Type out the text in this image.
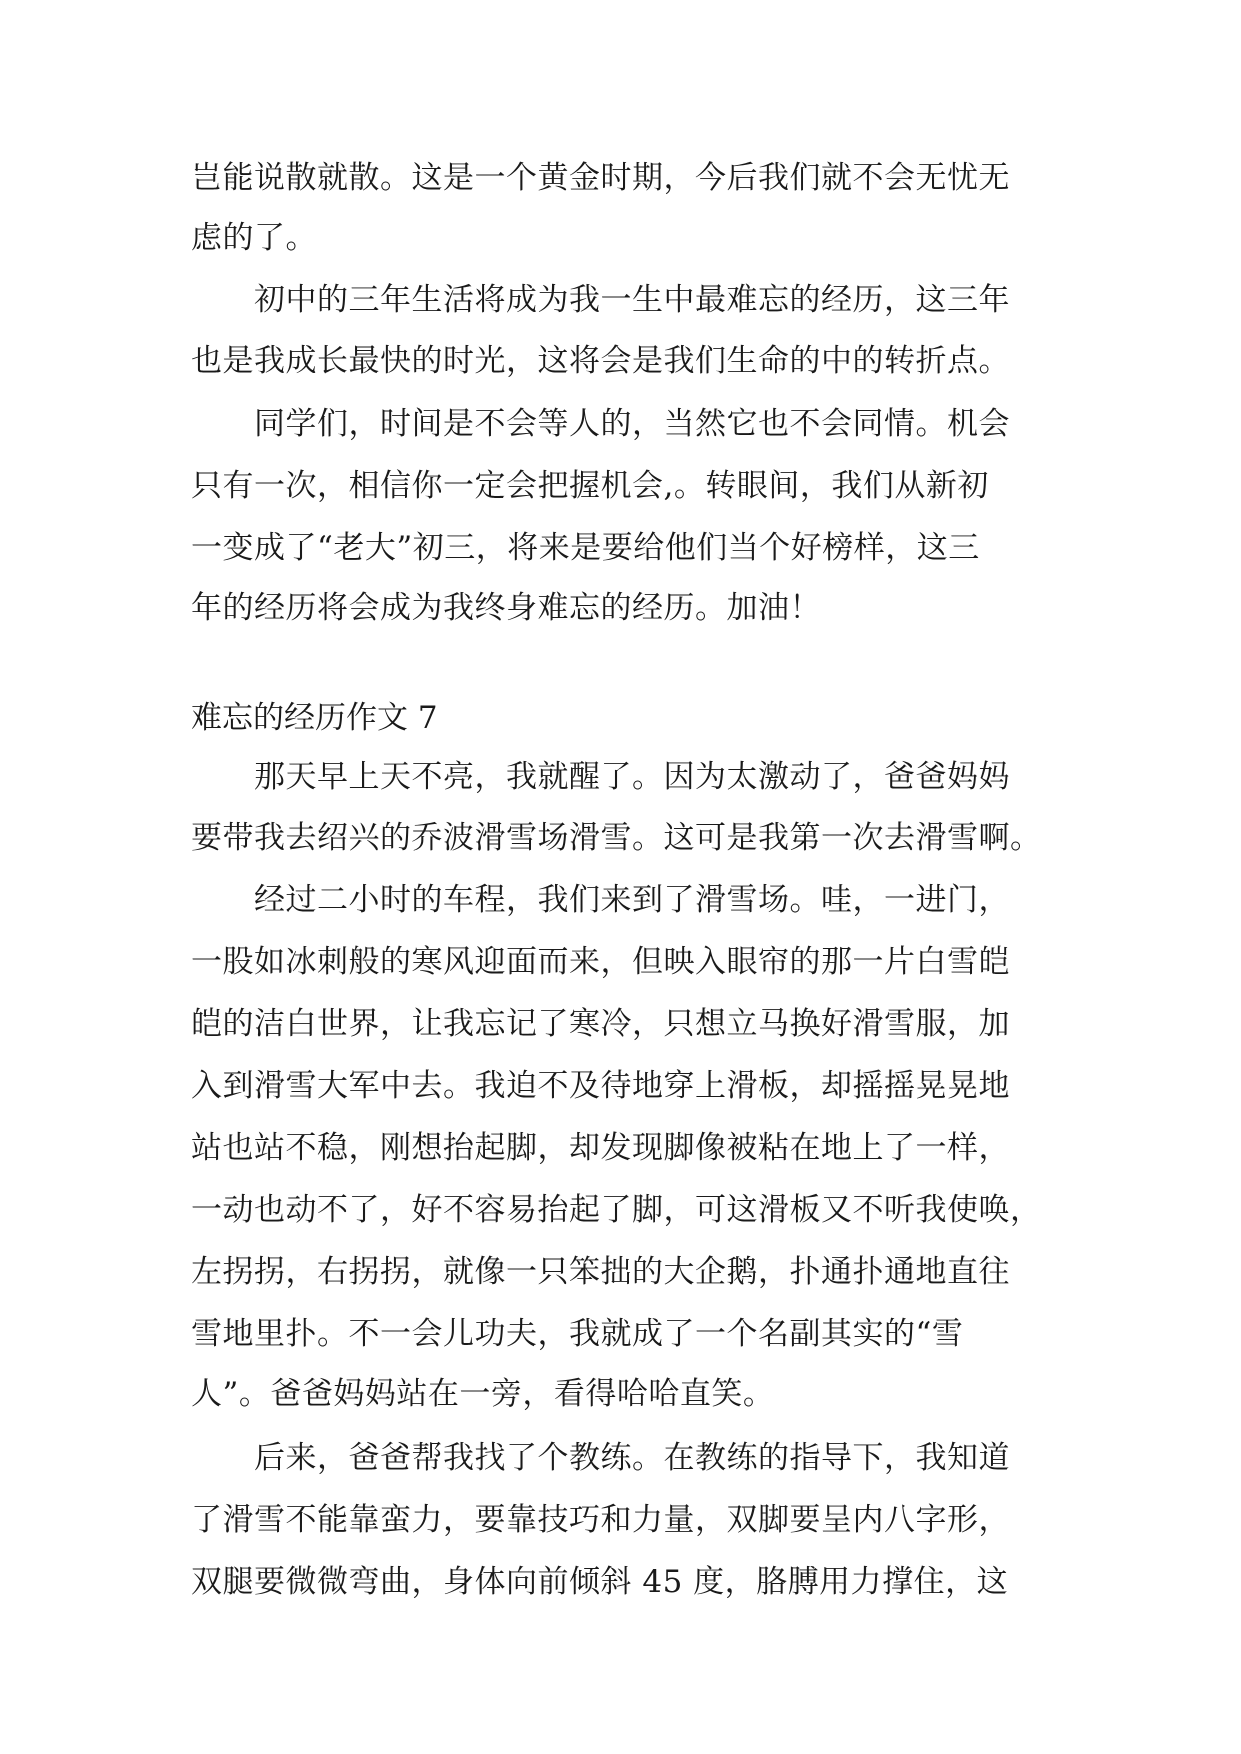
岂能说散就散。这是一个黄金时期，今后我们就不会无忧无
虑的了。
初中的三年生活将成为我一生中最难忘的经历，这三年
也是我成长最快的时光，这将会是我们生命的中的转折点。
同学们，时间是不会等人的，当然它也不会同情。机会
只有一次，相信你一定会把握机会,。转眼间，我们从新初
一变成了“老大”初三，将来是要给他们当个好榜样，这三
年的经历将会成为我终身难忘的经历。加油！
难忘的经历作文 7
那天早上天不亮，我就醒了。因为太激动了，爸爸妈妈
要带我去绍兴的乔波滑雪场滑雪。这可是我第一次去滑雪啊。
经过二小时的车程，我们来到了滑雪场。哇，一进门，
一股如冰刺般的寒风迎面而来，但映入眼帘的那一片白雪皑
皑的洁白世界，让我忘记了寒冷，只想立马换好滑雪服，加
入到滑雪大军中去。我迫不及待地穿上滑板，却摇摇晃晃地
站也站不稳，刚想抬起脚，却发现脚像被粘在地上了一样，
一动也动不了，好不容易抬起了脚，可这滑板又不听我使唤，
左拐拐，右拐拐，就像一只笨拙的大企鹅，扑通扑通地直往
雪地里扑。不一会儿功夫，我就成了一个名副其实的“雪
人”。爸爸妈妈站在一旁，看得哈哈直笑。
后来，爸爸帮我找了个教练。在教练的指导下，我知道
了滑雪不能靠蛮力，要靠技巧和力量，双脚要呈内八字形，
双腿要微微弯曲，身体向前倾斜 45 度，胳膊用力撑住，这
